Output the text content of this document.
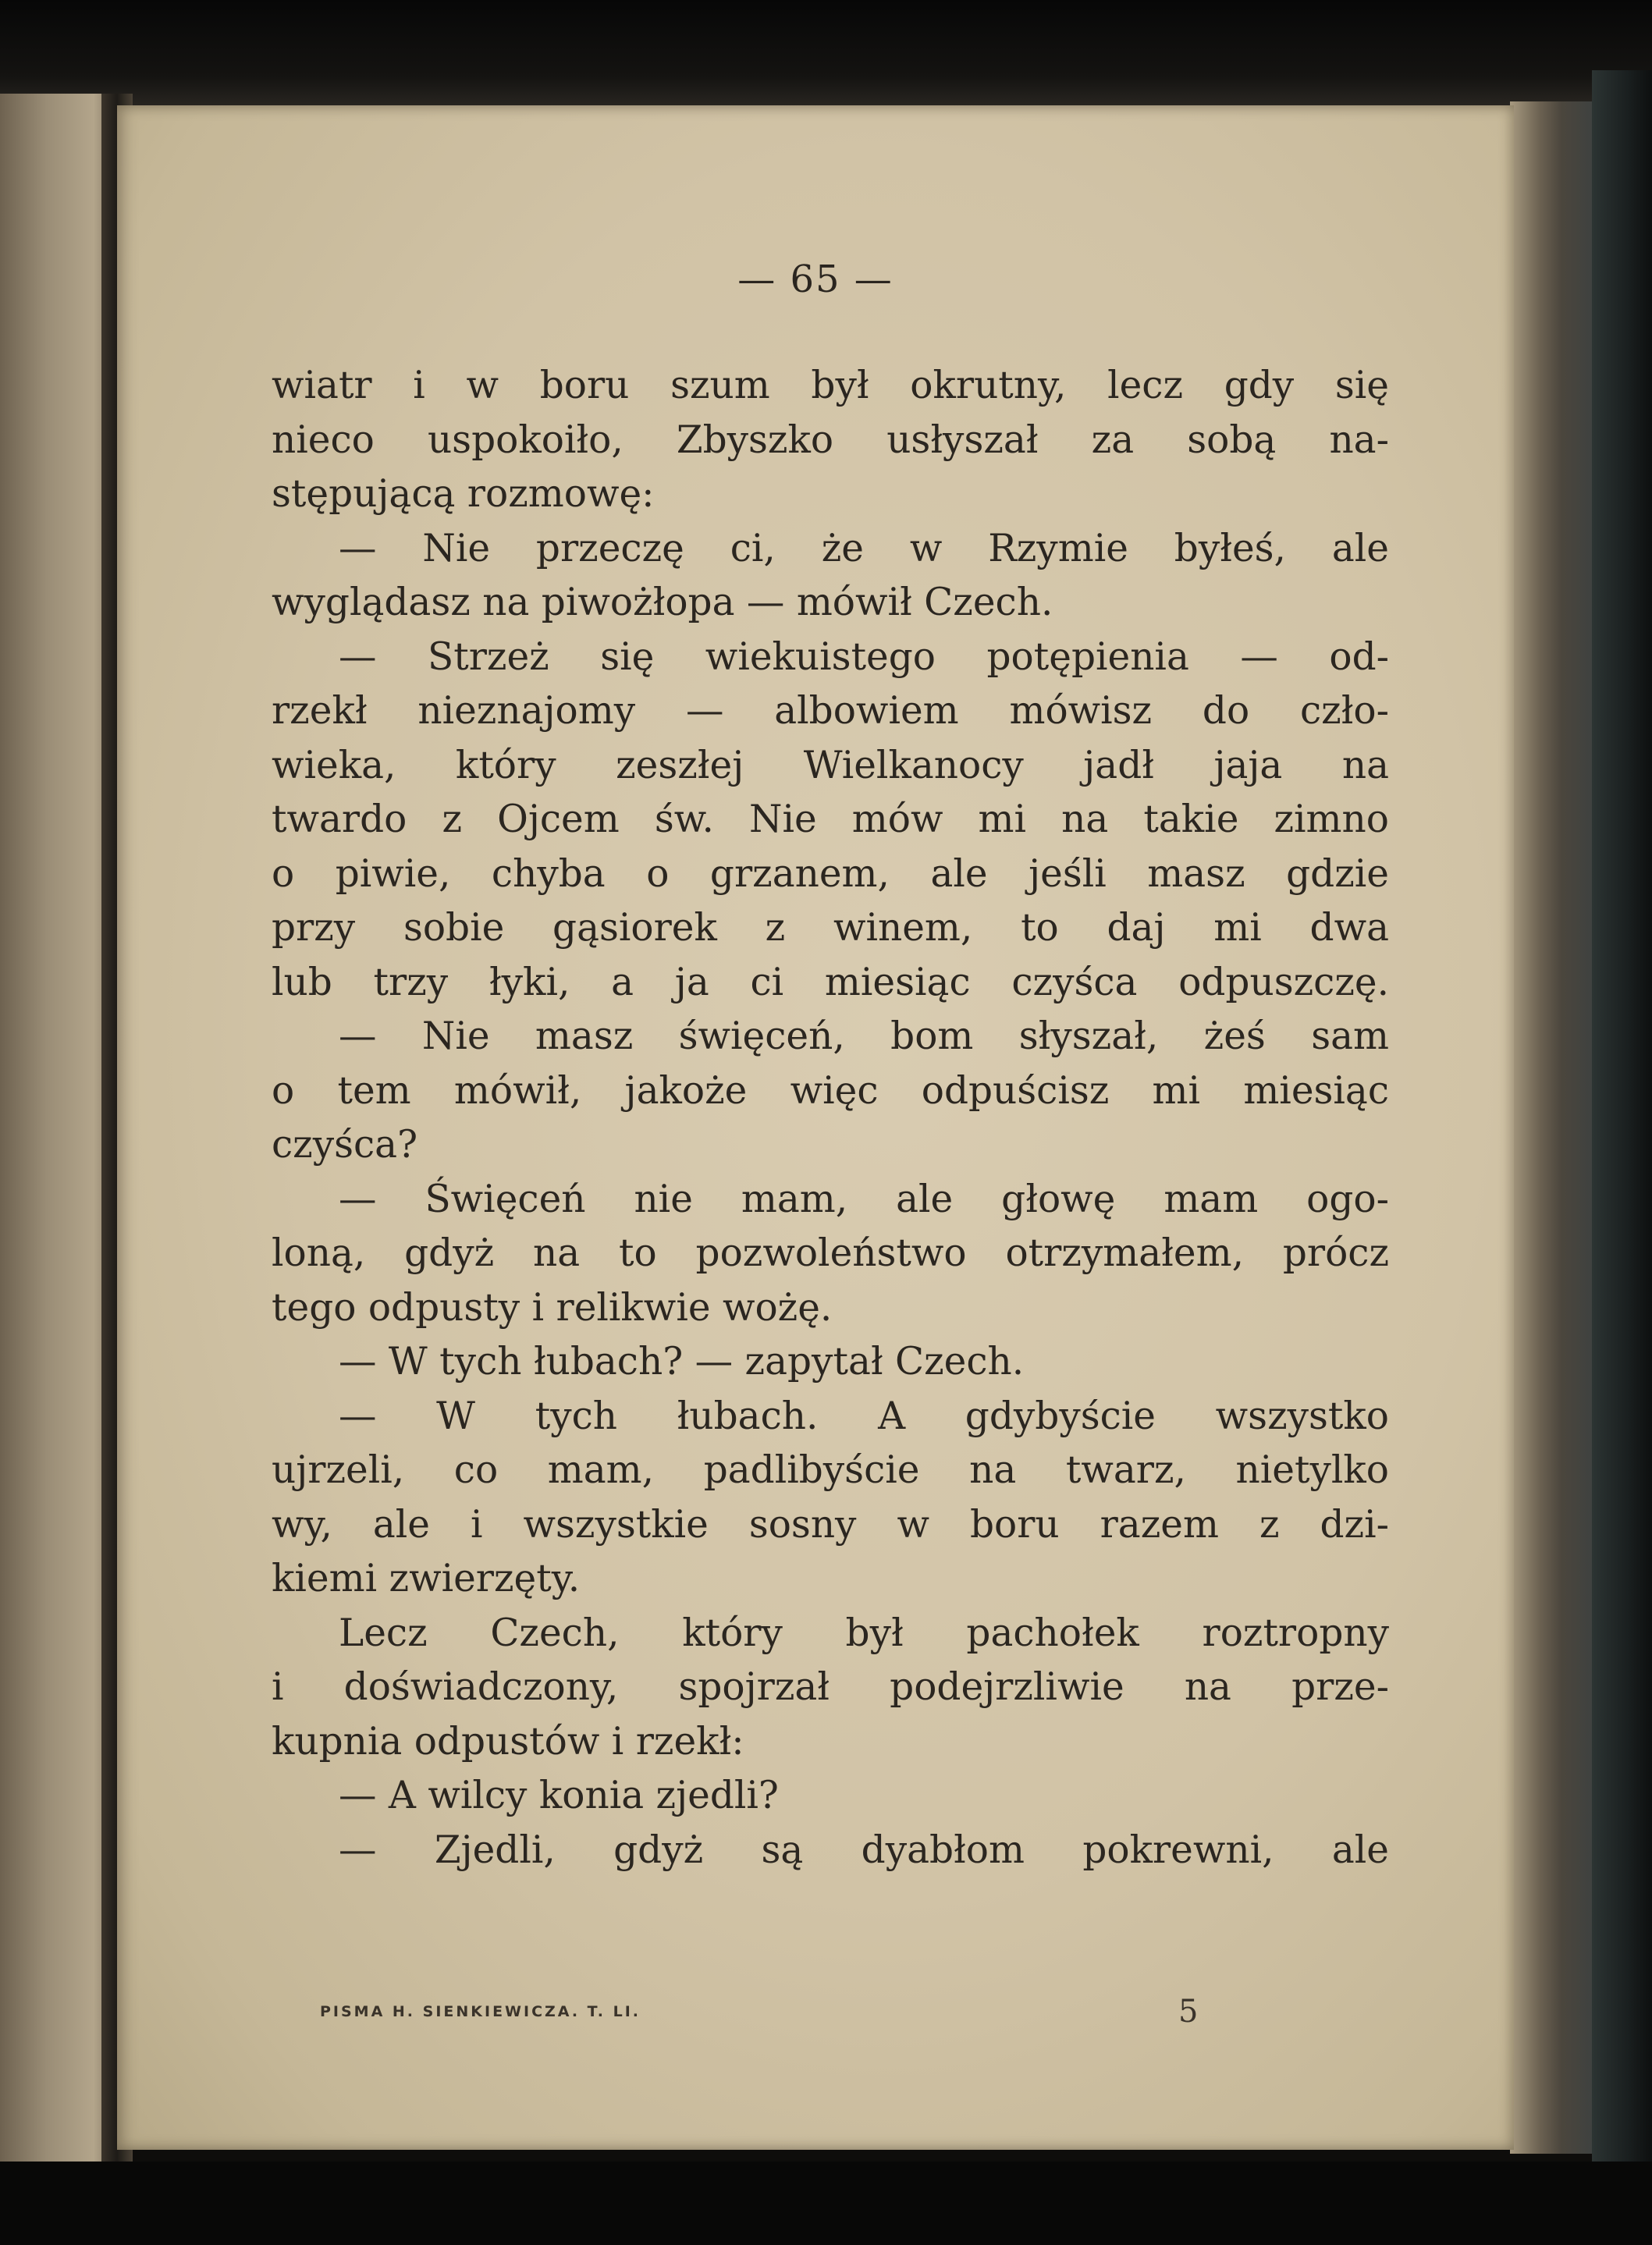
— 65 —
wiatr i w boru szum był okrutny, lecz gdy się
nieco uspokoiło, Zbyszko usłyszał za sobą na-
stępującą rozmowę:
— Nie przeczę ci, że w Rzymie byłeś, ale
wyglądasz na piwożłopa — mówił Czech.
— Strzeż się wiekuistego potępienia — od-
rzekł nieznajomy — albowiem mówisz do czło-
wieka, który zeszłej Wielkanocy jadł jaja na
twardo z Ojcem św. Nie mów mi na takie zimno
o piwie, chyba o grzanem, ale jeśli masz gdzie
przy sobie gąsiorek z winem, to daj mi dwa
lub trzy łyki, a ja ci miesiąc czyśca odpuszczę.
— Nie masz święceń, bom słyszał, żeś sam
o tem mówił, jakoże więc odpuścisz mi miesiąc
czyśca?
— Święceń nie mam, ale głowę mam ogo-
loną, gdyż na to pozwoleństwo otrzymałem, prócz
tego odpusty i relikwie wożę.
— W tych łubach? — zapytał Czech.
— W tych łubach. A gdybyście wszystko
ujrzeli, co mam, padlibyście na twarz, nietylko
wy, ale i wszystkie sosny w boru razem z dzi-
kiemi zwierzęty.
Lecz Czech, który był pachołek roztropny
i doświadczony, spojrzał podejrzliwie na prze-
kupnia odpustów i rzekł:
— A wilcy konia zjedli?
— Zjedli, gdyż są dyabłom pokrewni, ale
PISMA H. SIENKIEWICZA. T. LI.	5
